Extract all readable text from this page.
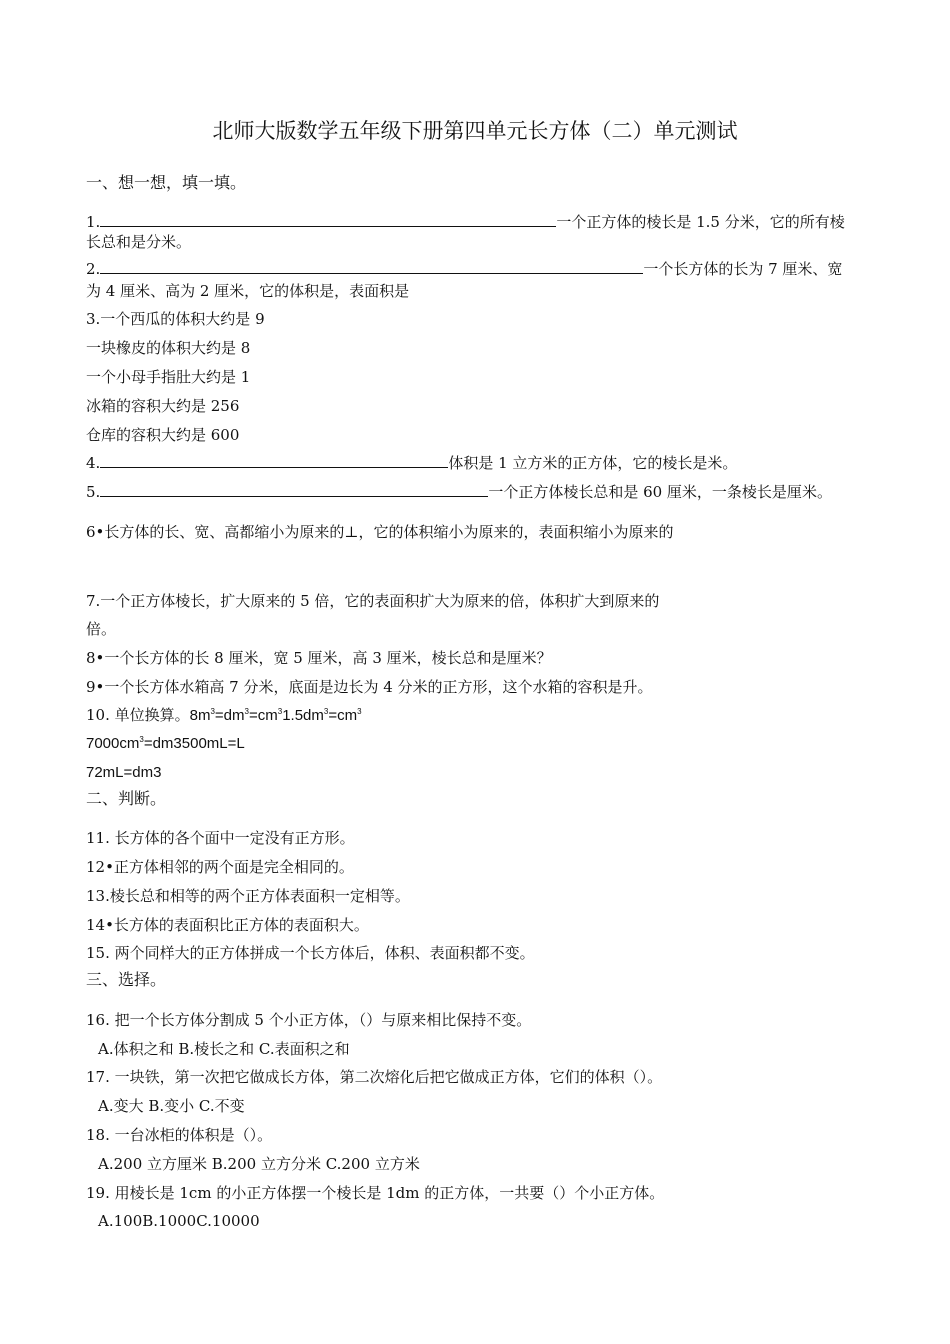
北师大版数学五年级下册第四单元长方体（二）单元测试
一、想一想，填一填。
1.	一个正方体的棱长是 1.5 分米，它的所有棱
长总和是分米。
2.	一个长方体的长为 7 厘米、宽
为 4 厘米、高为 2 厘米，它的体积是，表面积是
3.一个西瓜的体积大约是 9
一块橡皮的体积大约是 8
一个小母手指肚大约是 1
冰箱的容积大约是 256
仓库的容积大约是 600
4.	体积是 1 立方米的正方体，它的棱长是米。
5.	一个正方体棱长总和是 60 厘米，一条棱长是厘米。
6•长方体的长、宽、高都缩小为原来的⊥，它的体积缩小为原来的，表面积缩小为原来的
7.一个正方体棱长，扩大原来的 5 倍，它的表面积扩大为原来的倍，体积扩大到原来的
倍。
8•一个长方体的长 8 厘米，宽 5 厘米，高 3 厘米，棱长总和是厘米？
9•一个长方体水箱高 7 分米，底面是边长为 4 分米的正方形，这个水箱的容积是升。
10. 单位换算。$8m^3=dm^3=cm^31.5dm^3=cm^3$
$7000cm^3=dm3500mL=L$
72mL=dm3
二、判断。
11. 长方体的各个面中一定没有正方形。
12•正方体相邻的两个面是完全相同的。
13.棱长总和相等的两个正方体表面积一定相等。
14•长方体的表面积比正方体的表面积大。
15. 两个同样大的正方体拼成一个长方体后，体积、表面积都不变。
三、选择。
16. 把一个长方体分割成 5 个小正方体，（）与原来相比保持不变。
A.体积之和 B.棱长之和 C.表面积之和
17. 一块铁，第一次把它做成长方体，第二次熔化后把它做成正方体，它们的体积（）。
A.变大 B.变小 C.不变
18. 一台冰柜的体积是（）。
A.200 立方厘米 B.200 立方分米 C.200 立方米
19. 用棱长是 1cm 的小正方体摆一个棱长是 1dm 的正方体，一共要（）个小正方体。
A.100B.1000C.10000
